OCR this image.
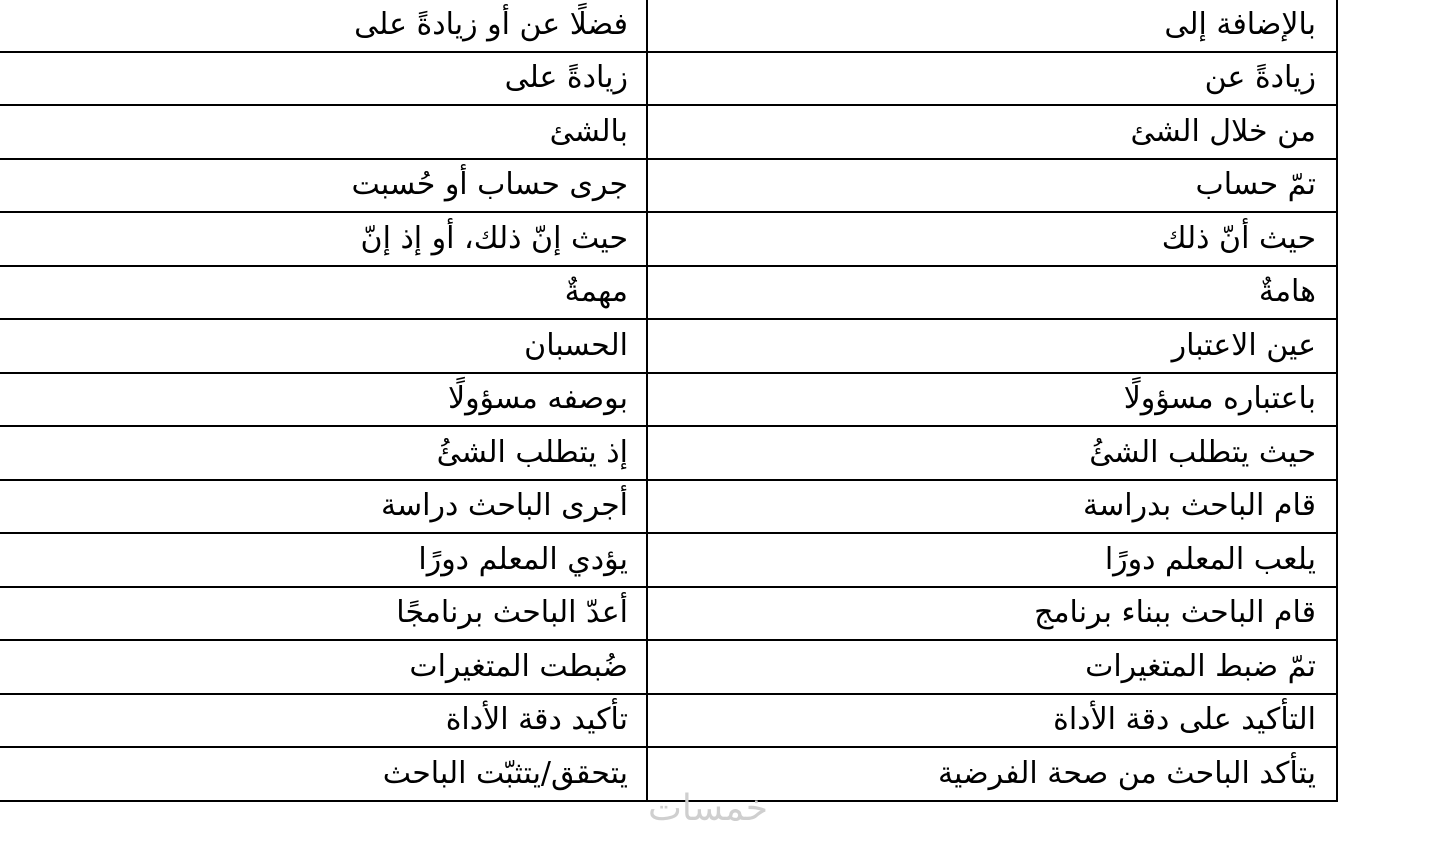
بالإضافة إلى	فضلًا عن أو زيادةً على
زيادةً عن	زيادةً على
من خلال الشئ	بالشئ
تمّ حساب	جرى حساب أو حُسبت
حيث أنّ ذلك	حيث إنّ ذلك، أو إذ إنّ
هامةٌ	مهمةٌ
عين الاعتبار	الحسبان
باعتباره مسؤولًا	بوصفه مسؤولًا
حيث يتطلب الشئُ	إذ يتطلب الشئُ
قام الباحث بدراسة	أجرى الباحث دراسة
يلعب المعلم دورًا	يؤدي المعلم دورًا
قام الباحث ببناء برنامج	أعدّ الباحث برنامجًا
تمّ ضبط المتغيرات	ضُبطت المتغيرات
التأكيد على دقة الأداة	تأكيد دقة الأداة
يتأكد الباحث من صحة الفرضية	يتحقق/يتثبّت الباحث
خمسات
